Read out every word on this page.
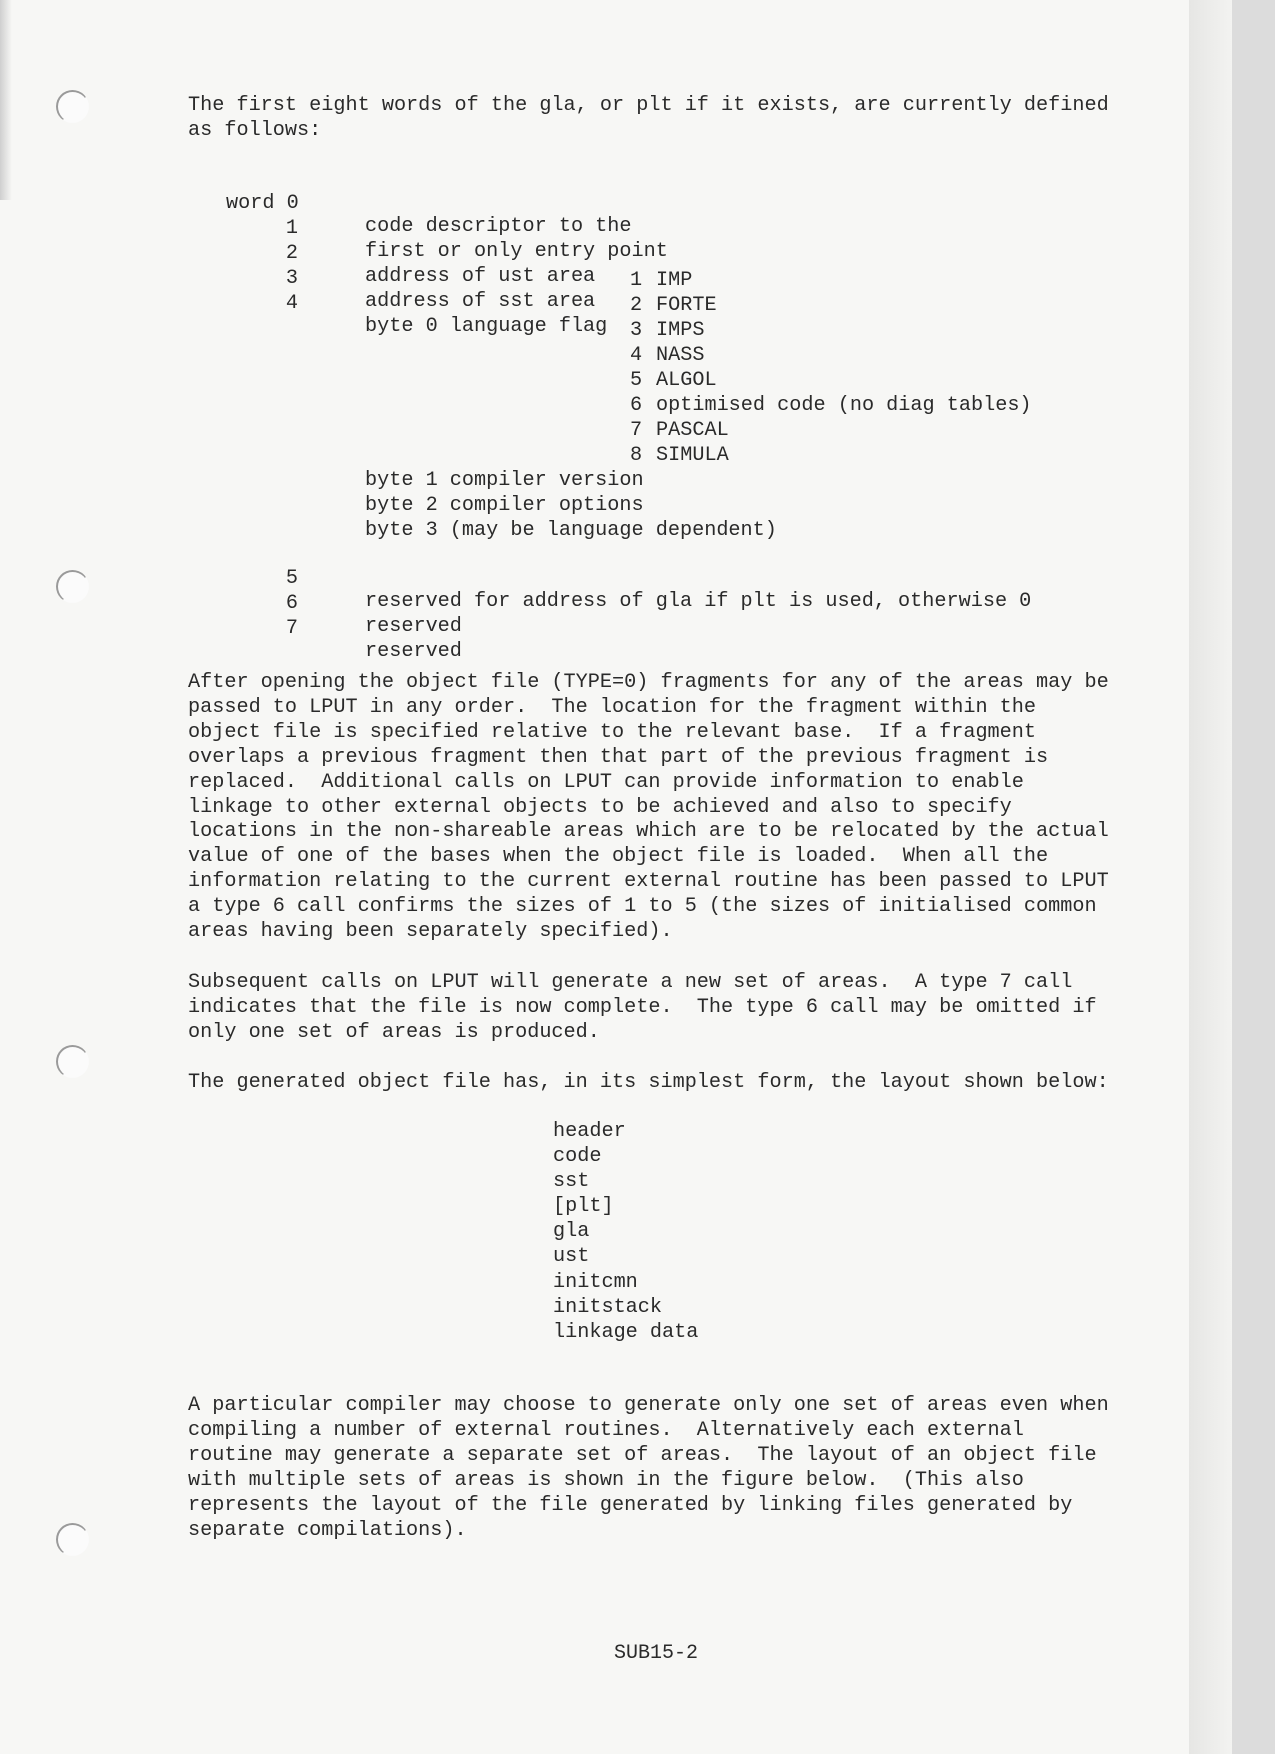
The first eight words of the gla, or plt if it exists, are currently defined
as follows:

word 0

code descriptor to the

1

first or only entry point

2

address of ust area

3

address of sst area

4

byte 0 language flag

1 IMP
2 FORTE
3 IMPS
4 NASS
5 ALGOL
6 optimised code (no diag tables)
7 PASCAL
8 SIMULA
byte 1 compiler version
byte 2 compiler options
byte 3 (may be language dependent)

5

reserved for address of gla if plt is used, otherwise 0

6

reserved

7

reserved

After opening the object file (TYPE=0) fragments for any of the areas may be
passed to LPUT in any order.  The location for the fragment within the
object file is specified relative to the relevant base.  If a fragment
overlaps a previous fragment then that part of the previous fragment is
replaced.  Additional calls on LPUT can provide information to enable
linkage to other external objects to be achieved and also to specify
locations in the non-shareable areas which are to be relocated by the actual
value of one of the bases when the object file is loaded.  When all the
information relating to the current external routine has been passed to LPUT
a type 6 call confirms the sizes of 1 to 5 (the sizes of initialised common
areas having been separately specified).
Subsequent calls on LPUT will generate a new set of areas.  A type 7 call
indicates that the file is now complete.  The type 6 call may be omitted if
only one set of areas is produced.
The generated object file has, in its simplest form, the layout shown below:
header
code
sst
[plt]
gla
ust
initcmn
initstack
linkage data
A particular compiler may choose to generate only one set of areas even when
compiling a number of external routines.  Alternatively each external
routine may generate a separate set of areas.  The layout of an object file
with multiple sets of areas is shown in the figure below.  (This also
represents the layout of the file generated by linking files generated by
separate compilations).
SUB15-2
